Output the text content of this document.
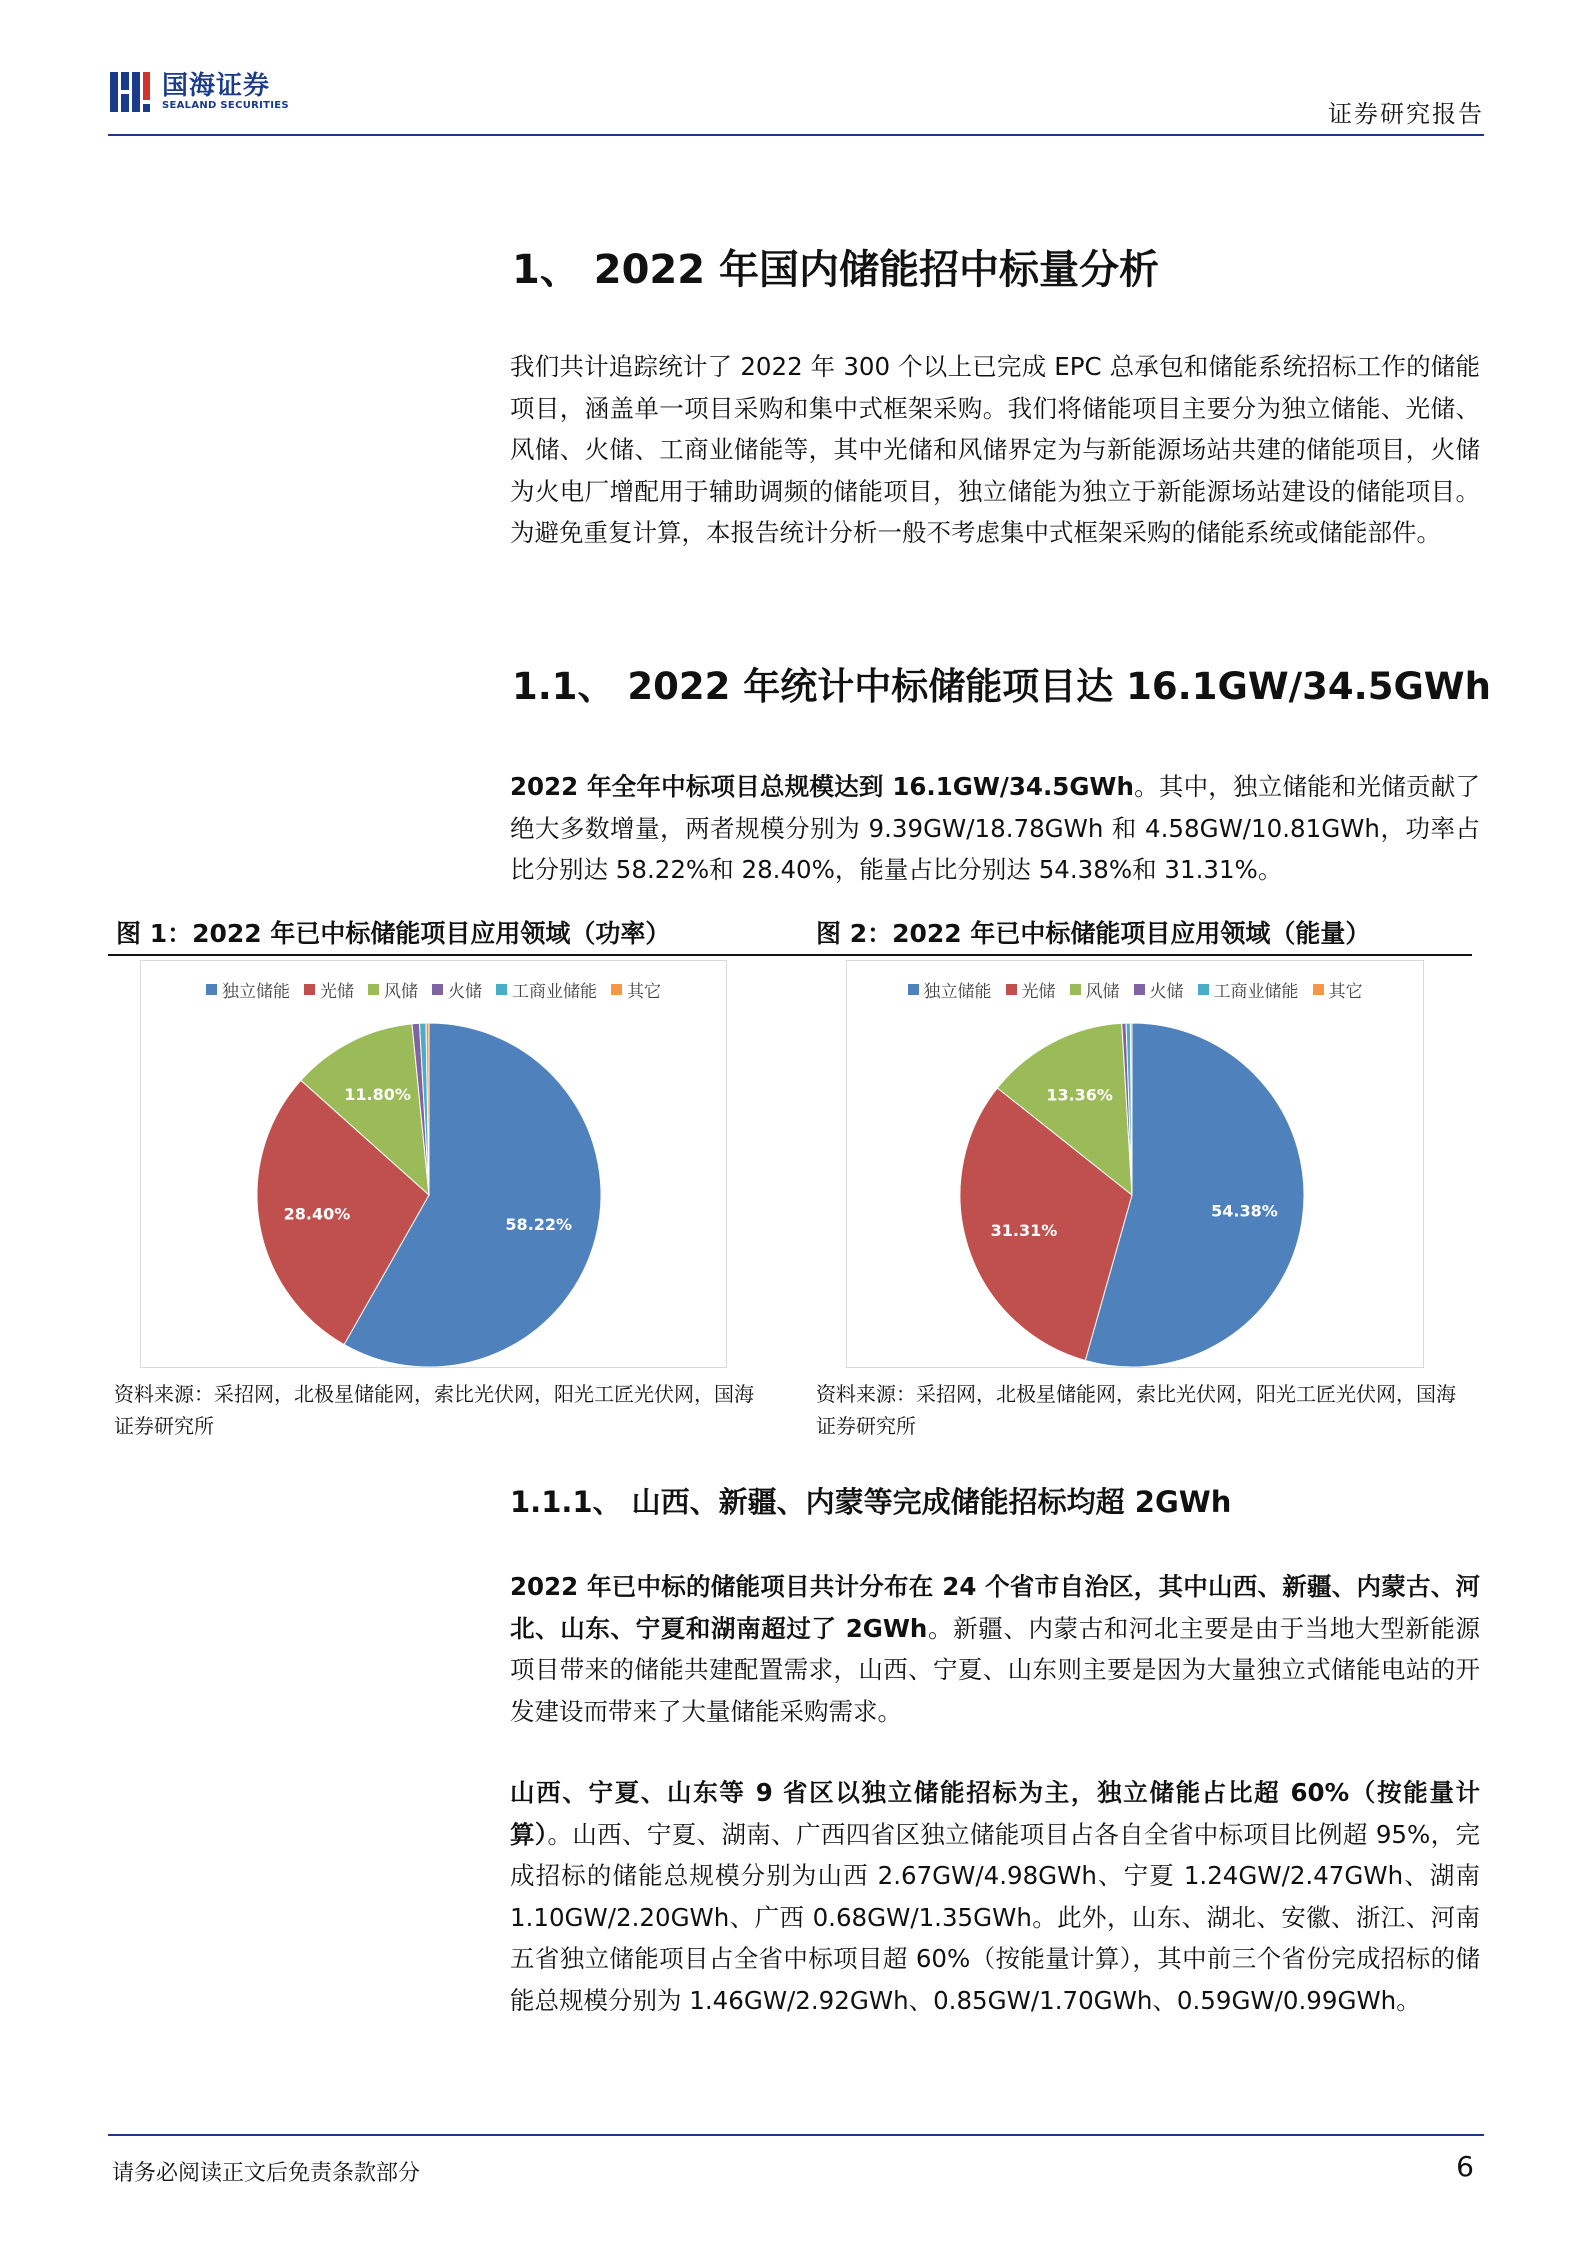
国海证券
SEALAND SECURITIES	证券研究报告
1、 2022 年国内储能招中标量分析
我们共计追踪统计了 2022 年 300 个以上已完成 EPC 总承包和储能系统招标工作的储能项目，涵盖单一项目采购和集中式框架采购。我们将储能项目主要分为独立储能、光储、风储、火储、工商业储能等，其中光储和风储界定为与新能源场站共建的储能项目，火储为火电厂增配用于辅助调频的储能项目，独立储能为独立于新能源场站建设的储能项目。为避免重复计算，本报告统计分析一般不考虑集中式框架采购的储能系统或储能部件。
1.1、 2022 年统计中标储能项目达 16.1GW/34.5GWh
2022 年全年中标项目总规模达到 16.1GW/34.5GWh。其中，独立储能和光储贡献了绝大多数增量，两者规模分别为 9.39GW/18.78GWh 和 4.58GW/10.81GWh，功率占比分别达 58.22%和 28.40%，能量占比分别达 54.38%和 31.31%。
图 1：2022 年已中标储能项目应用领域（功率）	图 2：2022 年已中标储能项目应用领域（能量）
独立储能 光储 风储 火储 工商业储能 其它
58.22%
28.40%
11.80%
独立储能 光储 风储 火储 工商业储能 其它
54.38%
31.31%
13.36%
资料来源：采招网，北极星储能网，索比光伏网，阳光工匠光伏网，国海证券研究所
资料来源：采招网，北极星储能网，索比光伏网，阳光工匠光伏网，国海证券研究所
1.1.1、 山西、新疆、内蒙等完成储能招标均超 2GWh
2022 年已中标的储能项目共计分布在 24 个省市自治区，其中山西、新疆、内蒙古、河北、山东、宁夏和湖南超过了 2GWh。新疆、内蒙古和河北主要是由于当地大型新能源项目带来的储能共建配置需求，山西、宁夏、山东则主要是因为大量独立式储能电站的开发建设而带来了大量储能采购需求。
山西、宁夏、山东等 9 省区以独立储能招标为主，独立储能占比超 60%（按能量计算）。山西、宁夏、湖南、广西四省区独立储能项目占各自全省中标项目比例超 95%，完成招标的储能总规模分别为山西 2.67GW/4.98GWh、宁夏 1.24GW/2.47GWh、湖南 1.10GW/2.20GWh、广西 0.68GW/1.35GWh。此外，山东、湖北、安徽、浙江、河南五省独立储能项目占全省中标项目超 60%（按能量计算），其中前三个省份完成招标的储能总规模分别为 1.46GW/2.92GWh、0.85GW/1.70GWh、0.59GW/0.99GWh。
请务必阅读正文后免责条款部分	6
